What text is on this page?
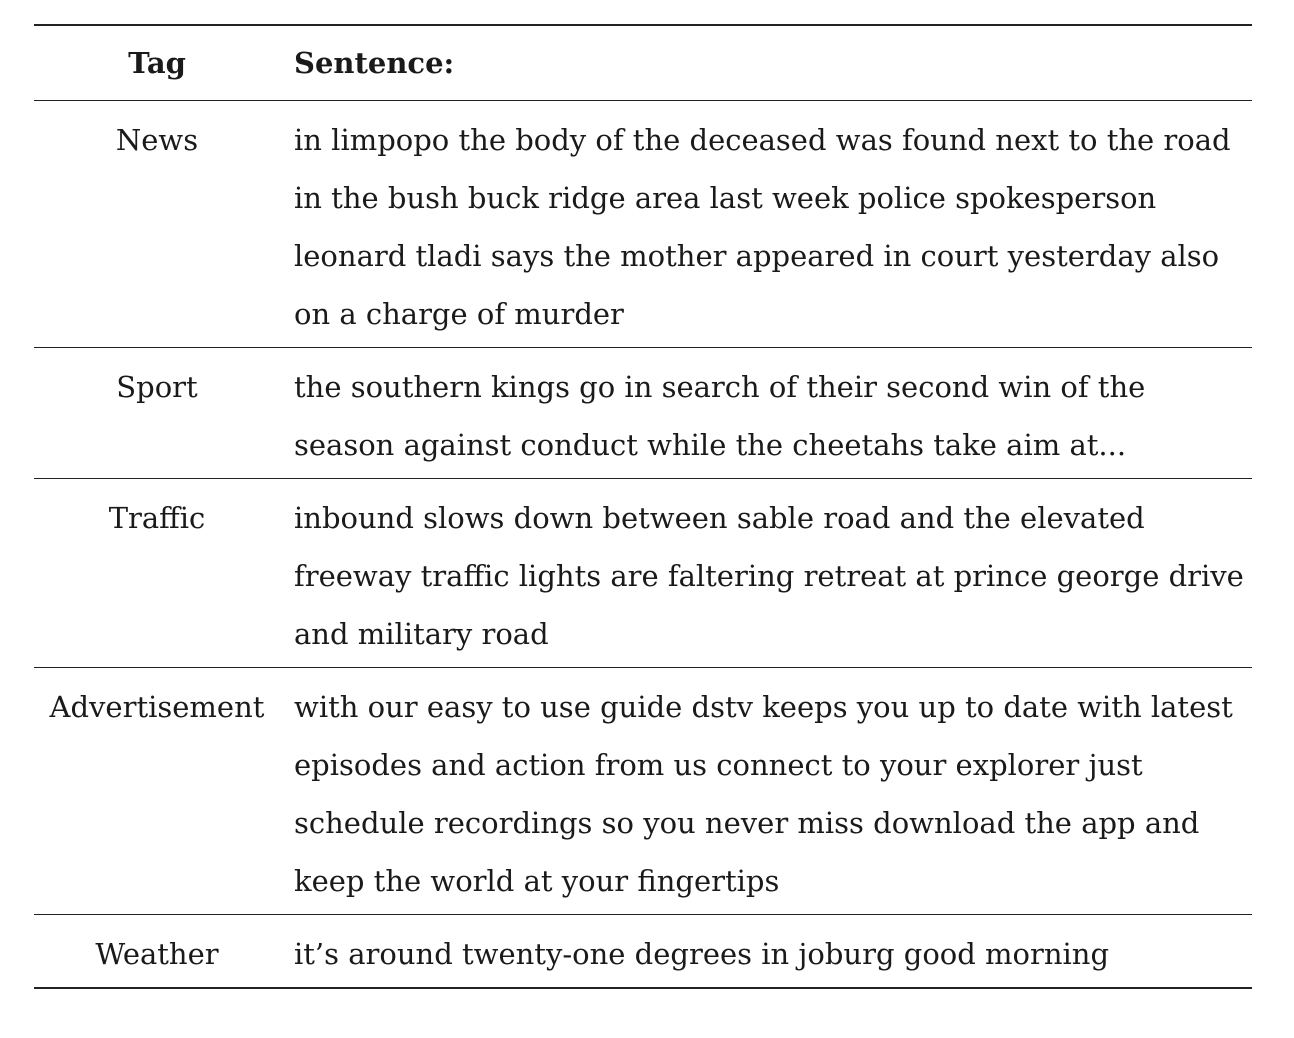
Tag	Sentence:
News	in limpopo the body of the deceased was found next to the road in the bush buck ridge area last week police spokesperson leonard tladi says the mother appeared in court yesterday also on a charge of murder
Sport	the southern kings go in search of their second win of the season against conduct while the cheetahs take aim at...
Traffic	inbound slows down between sable road and the elevated freeway traffic lights are faltering retreat at prince george drive and military road
Advertisement	with our easy to use guide dstv keeps you up to date with latest episodes and action from us connect to your explorer just schedule recordings so you never miss download the app and keep the world at your fingertips
Weather	it’s around twenty-one degrees in joburg good morning
